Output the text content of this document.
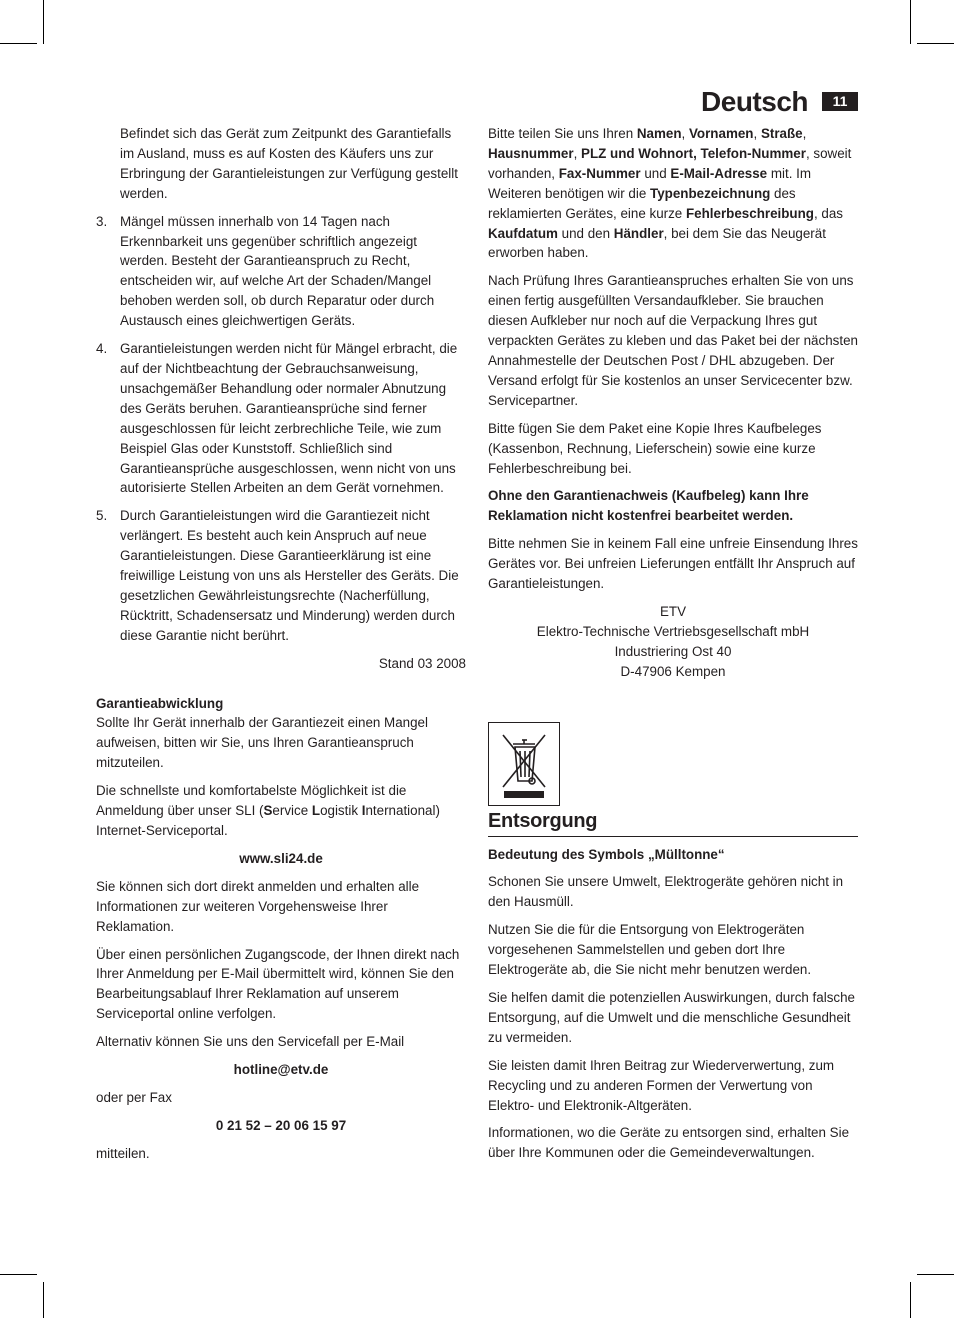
Deutsch	11

Befindet sich das Gerät zum Zeitpunkt des Garantiefalls im Ausland, muss es auf Kosten des Käufers uns zur Erbringung der Garantieleistungen zur Verfügung gestellt werden.

3. Mängel müssen innerhalb von 14 Tagen nach Erkennbarkeit uns gegenüber schriftlich angezeigt werden. Besteht der Garantieanspruch zu Recht, entscheiden wir, auf welche Art der Schaden/Mangel behoben werden soll, ob durch Reparatur oder durch Austausch eines gleichwertigen Geräts.
4. Garantieleistungen werden nicht für Mängel erbracht, die auf der Nichtbeachtung der Gebrauchsanweisung, unsachgemäßer Behandlung oder normaler Abnutzung des Geräts beruhen. Garantieansprüche sind ferner ausgeschlossen für leicht zerbrechliche Teile, wie zum Beispiel Glas oder Kunststoff. Schließlich sind Garantieansprüche ausgeschlossen, wenn nicht von uns autorisierte Stellen Arbeiten an dem Gerät vornehmen.
5. Durch Garantieleistungen wird die Garantiezeit nicht verlängert. Es besteht auch kein Anspruch auf neue Garantieleistungen. Diese Garantieerklärung ist eine freiwillige Leistung von uns als Hersteller des Geräts. Die gesetzlichen Gewährleistungsrechte (Nacherfüllung, Rücktritt, Schadensersatz und Minderung) werden durch diese Garantie nicht berührt.

Stand 03 2008

Garantieabwicklung

Sollte Ihr Gerät innerhalb der Garantiezeit einen Mangel aufweisen, bitten wir Sie, uns Ihren Garantieanspruch mitzuteilen.

Die schnellste und komfortabelste Möglichkeit ist die Anmeldung über unser SLI (Service Logistik International) Internet-Serviceportal.

www.sli24.de

Sie können sich dort direkt anmelden und erhalten alle Informationen zur weiteren Vorgehensweise Ihrer Reklamation.

Über einen persönlichen Zugangscode, der Ihnen direkt nach Ihrer Anmeldung per E-Mail übermittelt wird, können Sie den Bearbeitungsablauf Ihrer Reklamation auf unserem Serviceportal online verfolgen.

Alternativ können Sie uns den Servicefall per E-Mail

hotline@etv.de

oder per Fax

0 21 52 – 20 06 15 97

mitteilen.

Bitte teilen Sie uns Ihren Namen, Vornamen, Straße, Hausnummer, PLZ und Wohnort, Telefon-Nummer, soweit vorhanden, Fax-Nummer und E-Mail-Adresse mit. Im Weiteren benötigen wir die Typenbezeichnung des reklamierten Gerätes, eine kurze Fehlerbeschreibung, das Kaufdatum und den Händler, bei dem Sie das Neugerät erworben haben.

Nach Prüfung Ihres Garantieanspruches erhalten Sie von uns einen fertig ausgefüllten Versandaufkleber. Sie brauchen diesen Aufkleber nur noch auf die Verpackung Ihres gut verpackten Gerätes zu kleben und das Paket bei der nächsten Annahmestelle der Deutschen Post / DHL abzugeben. Der Versand erfolgt für Sie kostenlos an unser Servicecenter bzw. Servicepartner.

Bitte fügen Sie dem Paket eine Kopie Ihres Kaufbeleges (Kassenbon, Rechnung, Lieferschein) sowie eine kurze Fehlerbeschreibung bei.

Ohne den Garantienachweis (Kaufbeleg) kann Ihre Reklamation nicht kostenfrei bearbeitet werden.

Bitte nehmen Sie in keinem Fall eine unfreie Einsendung Ihres Gerätes vor. Bei unfreien Lieferungen entfällt Ihr Anspruch auf Garantieleistungen.

ETV

Elektro-Technische Vertriebsgesellschaft mbH

Industriering Ost 40

D-47906 Kempen

Entsorgung

Bedeutung des Symbols „Mülltonne“

Schonen Sie unsere Umwelt, Elektrogeräte gehören nicht in den Hausmüll.

Nutzen Sie die für die Entsorgung von Elektrogeräten vorgesehenen Sammelstellen und geben dort Ihre Elektrogeräte ab, die Sie nicht mehr benutzen werden.

Sie helfen damit die potenziellen Auswirkungen, durch falsche Entsorgung, auf die Umwelt und die menschliche Gesundheit zu vermeiden.

Sie leisten damit Ihren Beitrag zur Wiederverwertung, zum Recycling und zu anderen Formen der Verwertung von Elektro- und Elektronik-Altgeräten.

Informationen, wo die Geräte zu entsorgen sind, erhalten Sie über Ihre Kommunen oder die Gemeindeverwaltungen.
